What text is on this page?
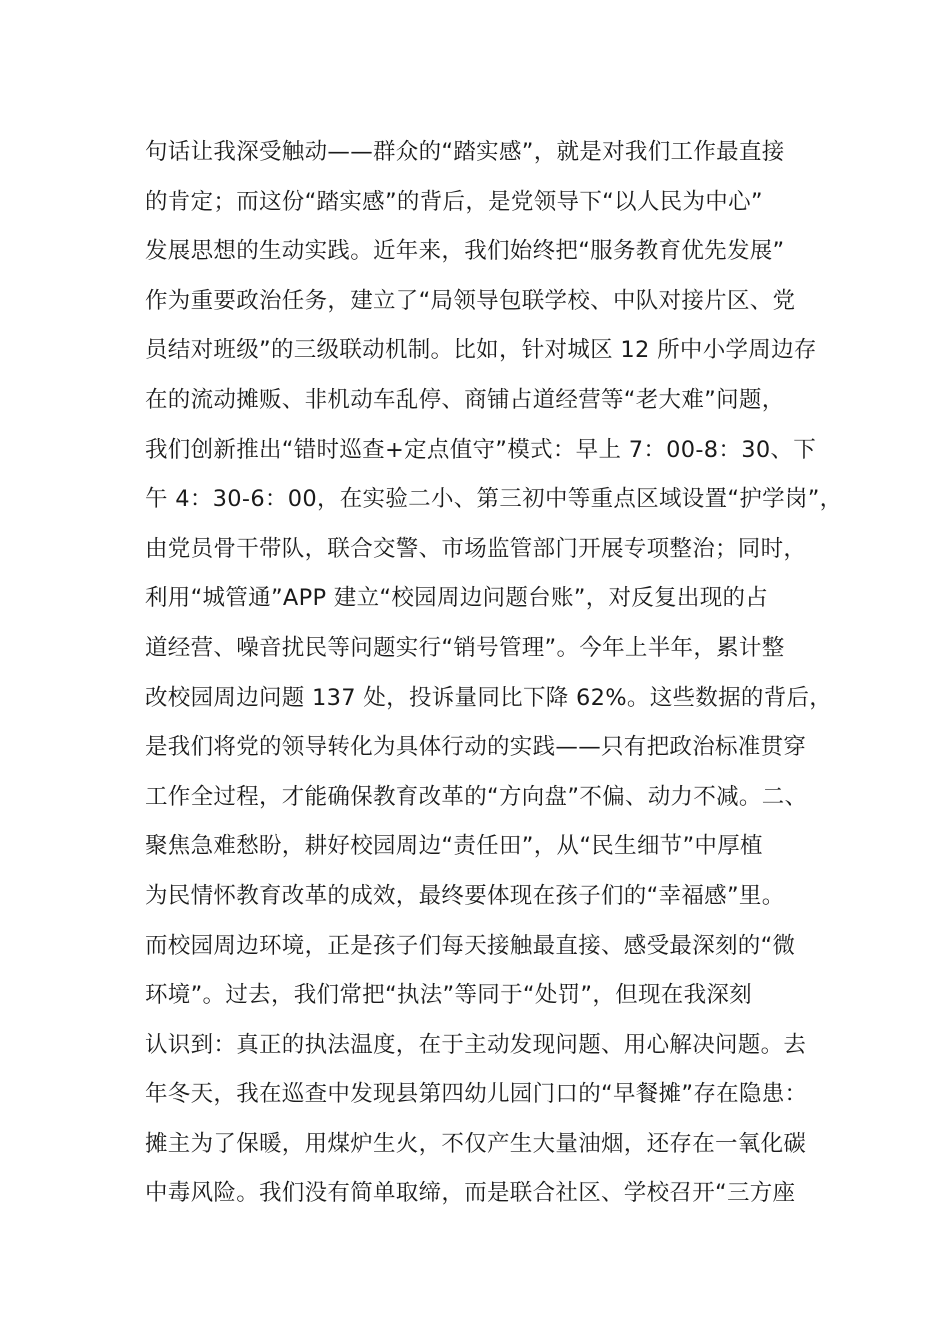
句话让我深受触动——群众的“踏实感”，就是对我们工作最直接
的肯定；而这份“踏实感”的背后，是党领导下“以人民为中心”
发展思想的生动实践。近年来，我们始终把“服务教育优先发展”
作为重要政治任务，建立了“局领导包联学校、中队对接片区、党
员结对班级”的三级联动机制。比如，针对城区 12 所中小学周边存
在的流动摊贩、非机动车乱停、商铺占道经营等“老大难”问题，
我们创新推出“错时巡查+定点值守”模式：早上 7：00-8：30、下
午 4：30-6：00，在实验二小、第三初中等重点区域设置“护学岗”，
由党员骨干带队，联合交警、市场监管部门开展专项整治；同时，
利用“城管通”APP 建立“校园周边问题台账”，对反复出现的占
道经营、噪音扰民等问题实行“销号管理”。今年上半年，累计整
改校园周边问题 137 处，投诉量同比下降 62%。这些数据的背后，
是我们将党的领导转化为具体行动的实践——只有把政治标准贯穿
工作全过程，才能确保教育改革的“方向盘”不偏、动力不减。二、
聚焦急难愁盼，耕好校园周边“责任田”，从“民生细节”中厚植
为民情怀教育改革的成效，最终要体现在孩子们的“幸福感”里。
而校园周边环境，正是孩子们每天接触最直接、感受最深刻的“微
环境”。过去，我们常把“执法”等同于“处罚”，但现在我深刻
认识到：真正的执法温度，在于主动发现问题、用心解决问题。去
年冬天，我在巡查中发现县第四幼儿园门口的“早餐摊”存在隐患：
摊主为了保暖，用煤炉生火，不仅产生大量油烟，还存在一氧化碳
中毒风险。我们没有简单取缔，而是联合社区、学校召开“三方座
